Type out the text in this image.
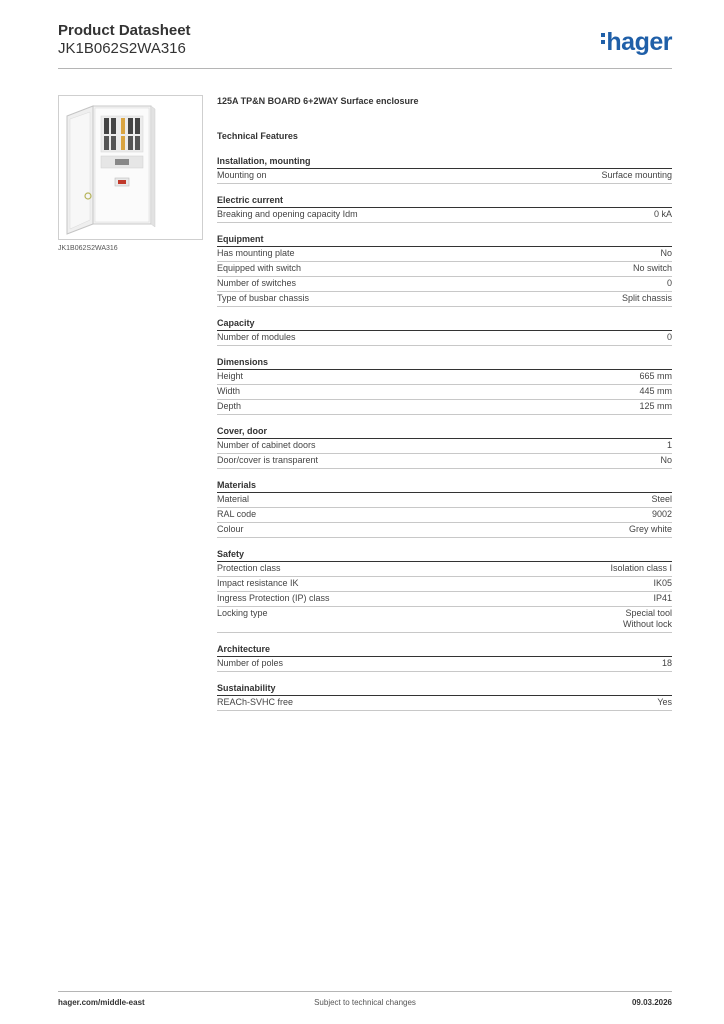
Product Datasheet
JK1B062S2WA316	hager
JK1B062S2WA316
125A TP&N BOARD 6+2WAY Surface enclosure
Technical Features
Installation, mounting
Mounting on	Surface mounting
Electric current
Breaking and opening capacity Idm	0 kA
Equipment
Has mounting plate	No
Equipped with switch	No switch
Number of switches	0
Type of busbar chassis	Split chassis
Capacity
Number of modules	0
Dimensions
Height	665 mm
Width	445 mm
Depth	125 mm
Cover, door
Number of cabinet doors	1
Door/cover is transparent	No
Materials
Material	Steel
RAL code	9002
Colour	Grey white
Safety
Protection class	Isolation class I
Impact resistance IK	IK05
Ingress Protection (IP) class	IP41
Locking type	Special tool
Without lock
Architecture
Number of poles	18
Sustainability
REACh-SVHC free	Yes
hager.com/middle-east	Subject to technical changes	09.03.2026
